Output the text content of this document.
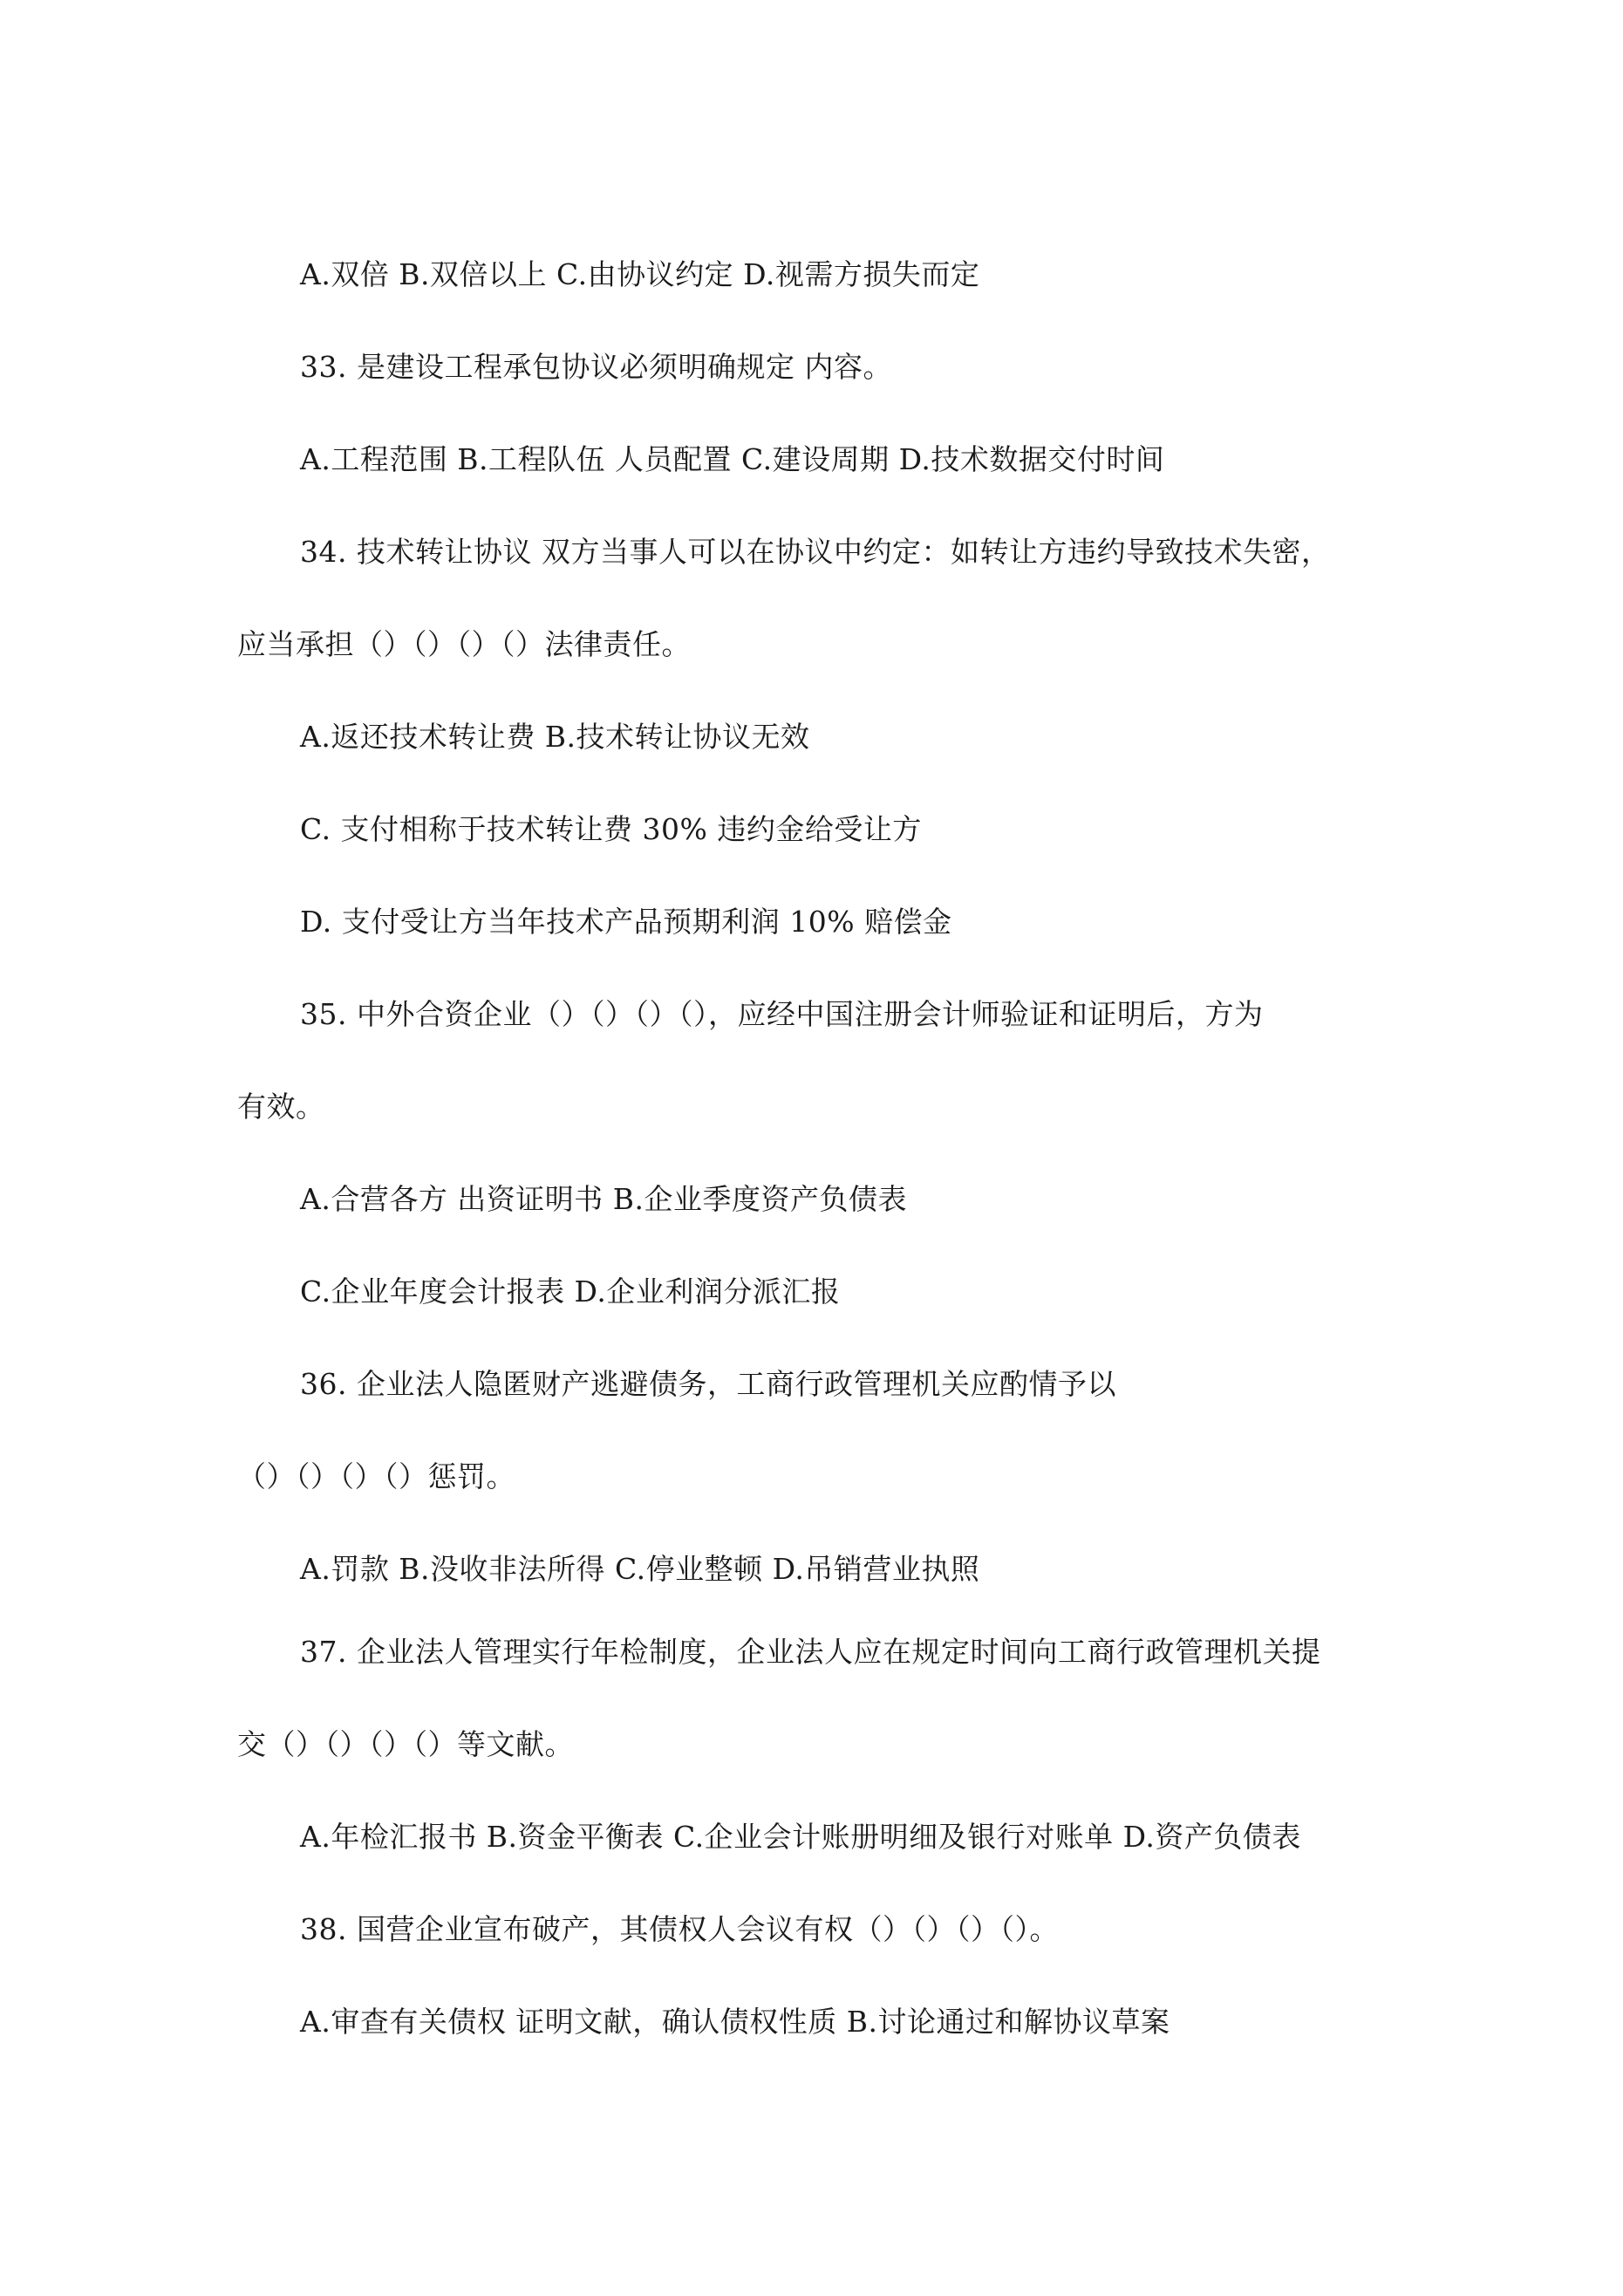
A.双倍 B.双倍以上 C.由协议约定 D.视需方损失而定
33. 是建设工程承包协议必须明确规定 内容。
A.工程范围 B.工程队伍 人员配置 C.建设周期 D.技术数据交付时间
34. 技术转让协议 双方当事人可以在协议中约定：如转让方违约导致技术失密，
应当承担（）（）（）（）法律责任。
A.返还技术转让费 B.技术转让协议无效
C. 支付相称于技术转让费 30% 违约金给受让方
D. 支付受让方当年技术产品预期利润 10% 赔偿金
35. 中外合资企业（）（）（）（），应经中国注册会计师验证和证明后，方为
有效。
A.合营各方 出资证明书 B.企业季度资产负债表
C.企业年度会计报表 D.企业利润分派汇报
36. 企业法人隐匿财产逃避债务，工商行政管理机关应酌情予以
（）（）（）（）惩罚。
A.罚款 B.没收非法所得 C.停业整顿 D.吊销营业执照
37. 企业法人管理实行年检制度，企业法人应在规定时间向工商行政管理机关提
交（）（）（）（）等文献。
A.年检汇报书 B.资金平衡表 C.企业会计账册明细及银行对账单 D.资产负债表
38. 国营企业宣布破产，其债权人会议有权（）（）（）（）。
A.审查有关债权 证明文献，确认债权性质 B.讨论通过和解协议草案
